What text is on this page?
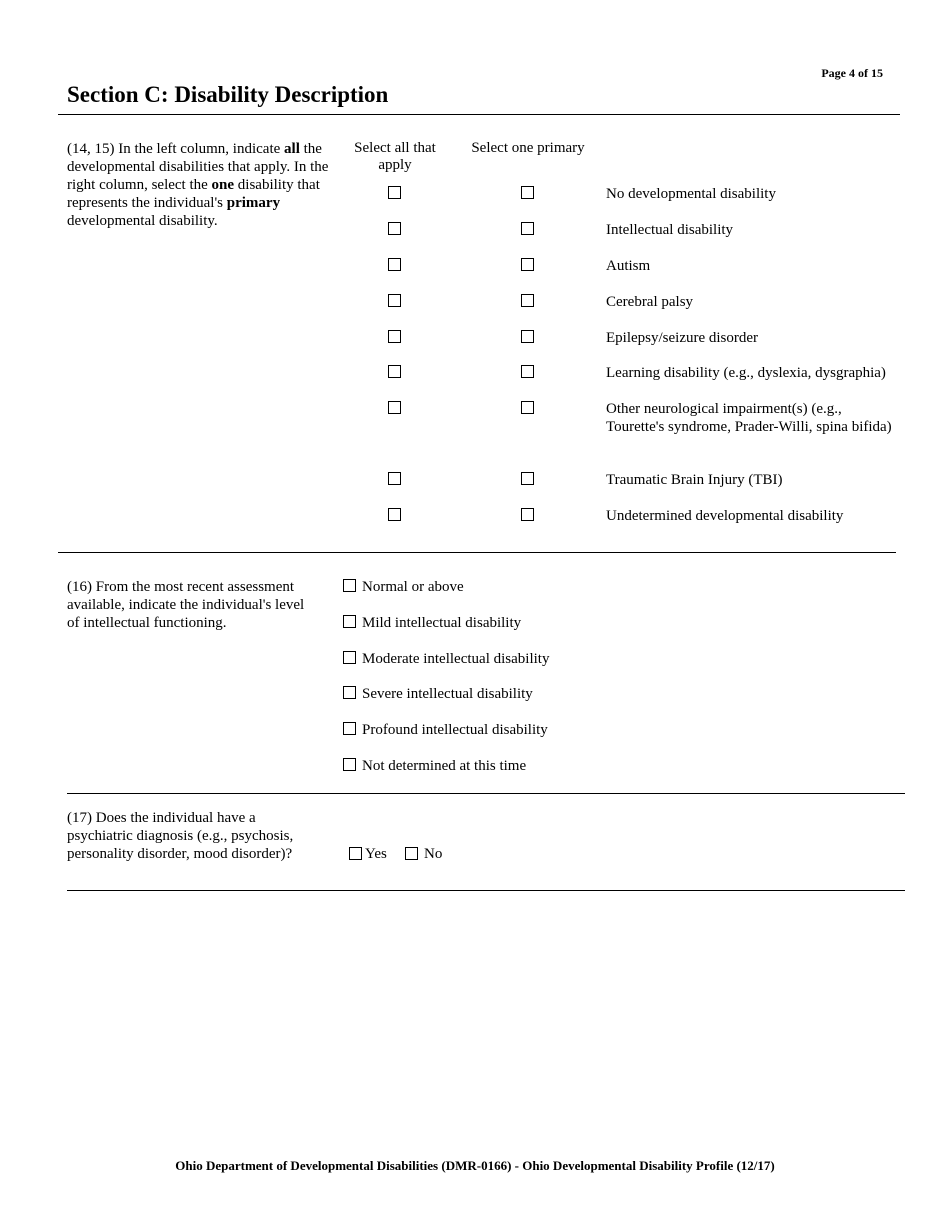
Page 4 of 15
Section C: Disability Description
(14, 15) In the left column, indicate all the developmental disabilities that apply. In the right column, select the one disability that represents the individual's primary developmental disability.
Select all that apply
Select one primary
No developmental disability
Intellectual disability
Autism
Cerebral palsy
Epilepsy/seizure disorder
Learning disability (e.g., dyslexia, dysgraphia)
Other neurological impairment(s) (e.g., Tourette's syndrome, Prader-Willi, spina bifida)
Traumatic Brain Injury (TBI)
Undetermined developmental disability
(16) From the most recent assessment available, indicate the individual's level of intellectual functioning.
Normal or above
Mild intellectual disability
Moderate intellectual disability
Severe intellectual disability
Profound intellectual disability
Not determined at this time
(17) Does the individual have a psychiatric diagnosis (e.g., psychosis, personality disorder, mood disorder)?	Yes No
Ohio Department of Developmental Disabilities (DMR-0166) - Ohio Developmental Disability Profile (12/17)
